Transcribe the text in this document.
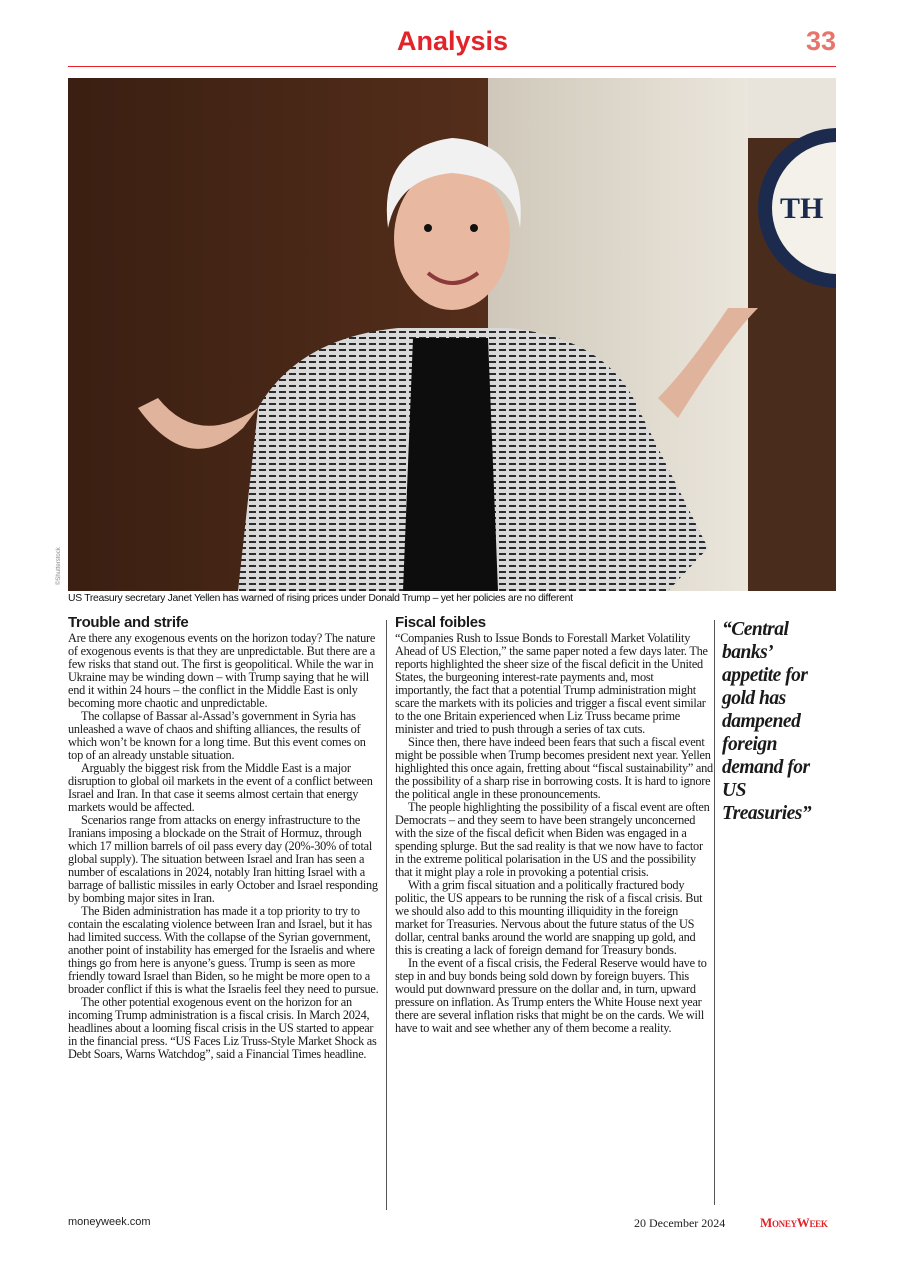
Analysis	33
TH
©Shutterstock
US Treasury secretary Janet Yellen has warned of rising prices under Donald Trump – yet her policies are no different
Trouble and strife

Are there any exogenous events on the horizon today? The nature of exogenous events is that they are unpredictable. But there are a few risks that stand out. The first is geopolitical. While the war in Ukraine may be winding down – with Trump saying that he will end it within 24 hours – the conflict in the Middle East is only becoming more chaotic and unpredictable.

The collapse of Bassar al-Assad’s government in Syria has unleashed a wave of chaos and shifting alliances, the results of which won’t be known for a long time. But this event comes on top of an already unstable situation.

Arguably the biggest risk from the Middle East is a major disruption to global oil markets in the event of a conflict between Israel and Iran. In that case it seems almost certain that energy markets would be affected.

Scenarios range from attacks on energy infrastructure to the Iranians imposing a blockade on the Strait of Hormuz, through which 17 million barrels of oil pass every day (20%-30% of total global supply). The situation between Israel and Iran has seen a number of escalations in 2024, notably Iran hitting Israel with a barrage of ballistic missiles in early October and Israel responding by bombing major sites in Iran.

The Biden administration has made it a top priority to try to contain the escalating violence between Iran and Israel, but it has had limited success. With the collapse of the Syrian government, another point of instability has emerged for the Israelis and where things go from here is anyone’s guess. Trump is seen as more friendly toward Israel than Biden, so he might be more open to a broader conflict if this is what the Israelis feel they need to pursue.

The other potential exogenous event on the horizon for an incoming Trump administration is a fiscal crisis. In March 2024, headlines about a looming fiscal crisis in the US started to appear in the financial press. “US Faces Liz Truss-Style Market Shock as Debt Soars, Warns Watchdog”, said a Financial Times headline.

Fiscal foibles

“Companies Rush to Issue Bonds to Forestall Market Volatility Ahead of US Election,” the same paper noted a few days later. The reports highlighted the sheer size of the fiscal deficit in the United States, the burgeoning interest-rate payments and, most importantly, the fact that a potential Trump administration might scare the markets with its policies and trigger a fiscal event similar to the one Britain experienced when Liz Truss became prime minister and tried to push through a series of tax cuts.

Since then, there have indeed been fears that such a fiscal event might be possible when Trump becomes president next year. Yellen highlighted this once again, fretting about “fiscal sustainability” and the possibility of a sharp rise in borrowing costs. It is hard to ignore the political angle in these pronouncements.

The people highlighting the possibility of a fiscal event are often Democrats – and they seem to have been strangely unconcerned with the size of the fiscal deficit when Biden was engaged in a spending splurge. But the sad reality is that we now have to factor in the extreme political polarisation in the US and the possibility that it might play a role in provoking a potential crisis.

With a grim fiscal situation and a politically fractured body politic, the US appears to be running the risk of a fiscal crisis. But we should also add to this mounting illiquidity in the foreign market for Treasuries. Nervous about the future status of the US dollar, central banks around the world are snapping up gold, and this is creating a lack of foreign demand for Treasury bonds.

In the event of a fiscal crisis, the Federal Reserve would have to step in and buy bonds being sold down by foreign buyers. This would put downward pressure on the dollar and, in turn, upward pressure on inflation. As Trump enters the White House next year there are several inflation risks that might be on the cards. We will have to wait and see whether any of them become a reality.

“Central banks’ appetite for gold has dampened foreign demand for US Treasuries”
moneyweek.com	20 December 2024	MoneyWeek
